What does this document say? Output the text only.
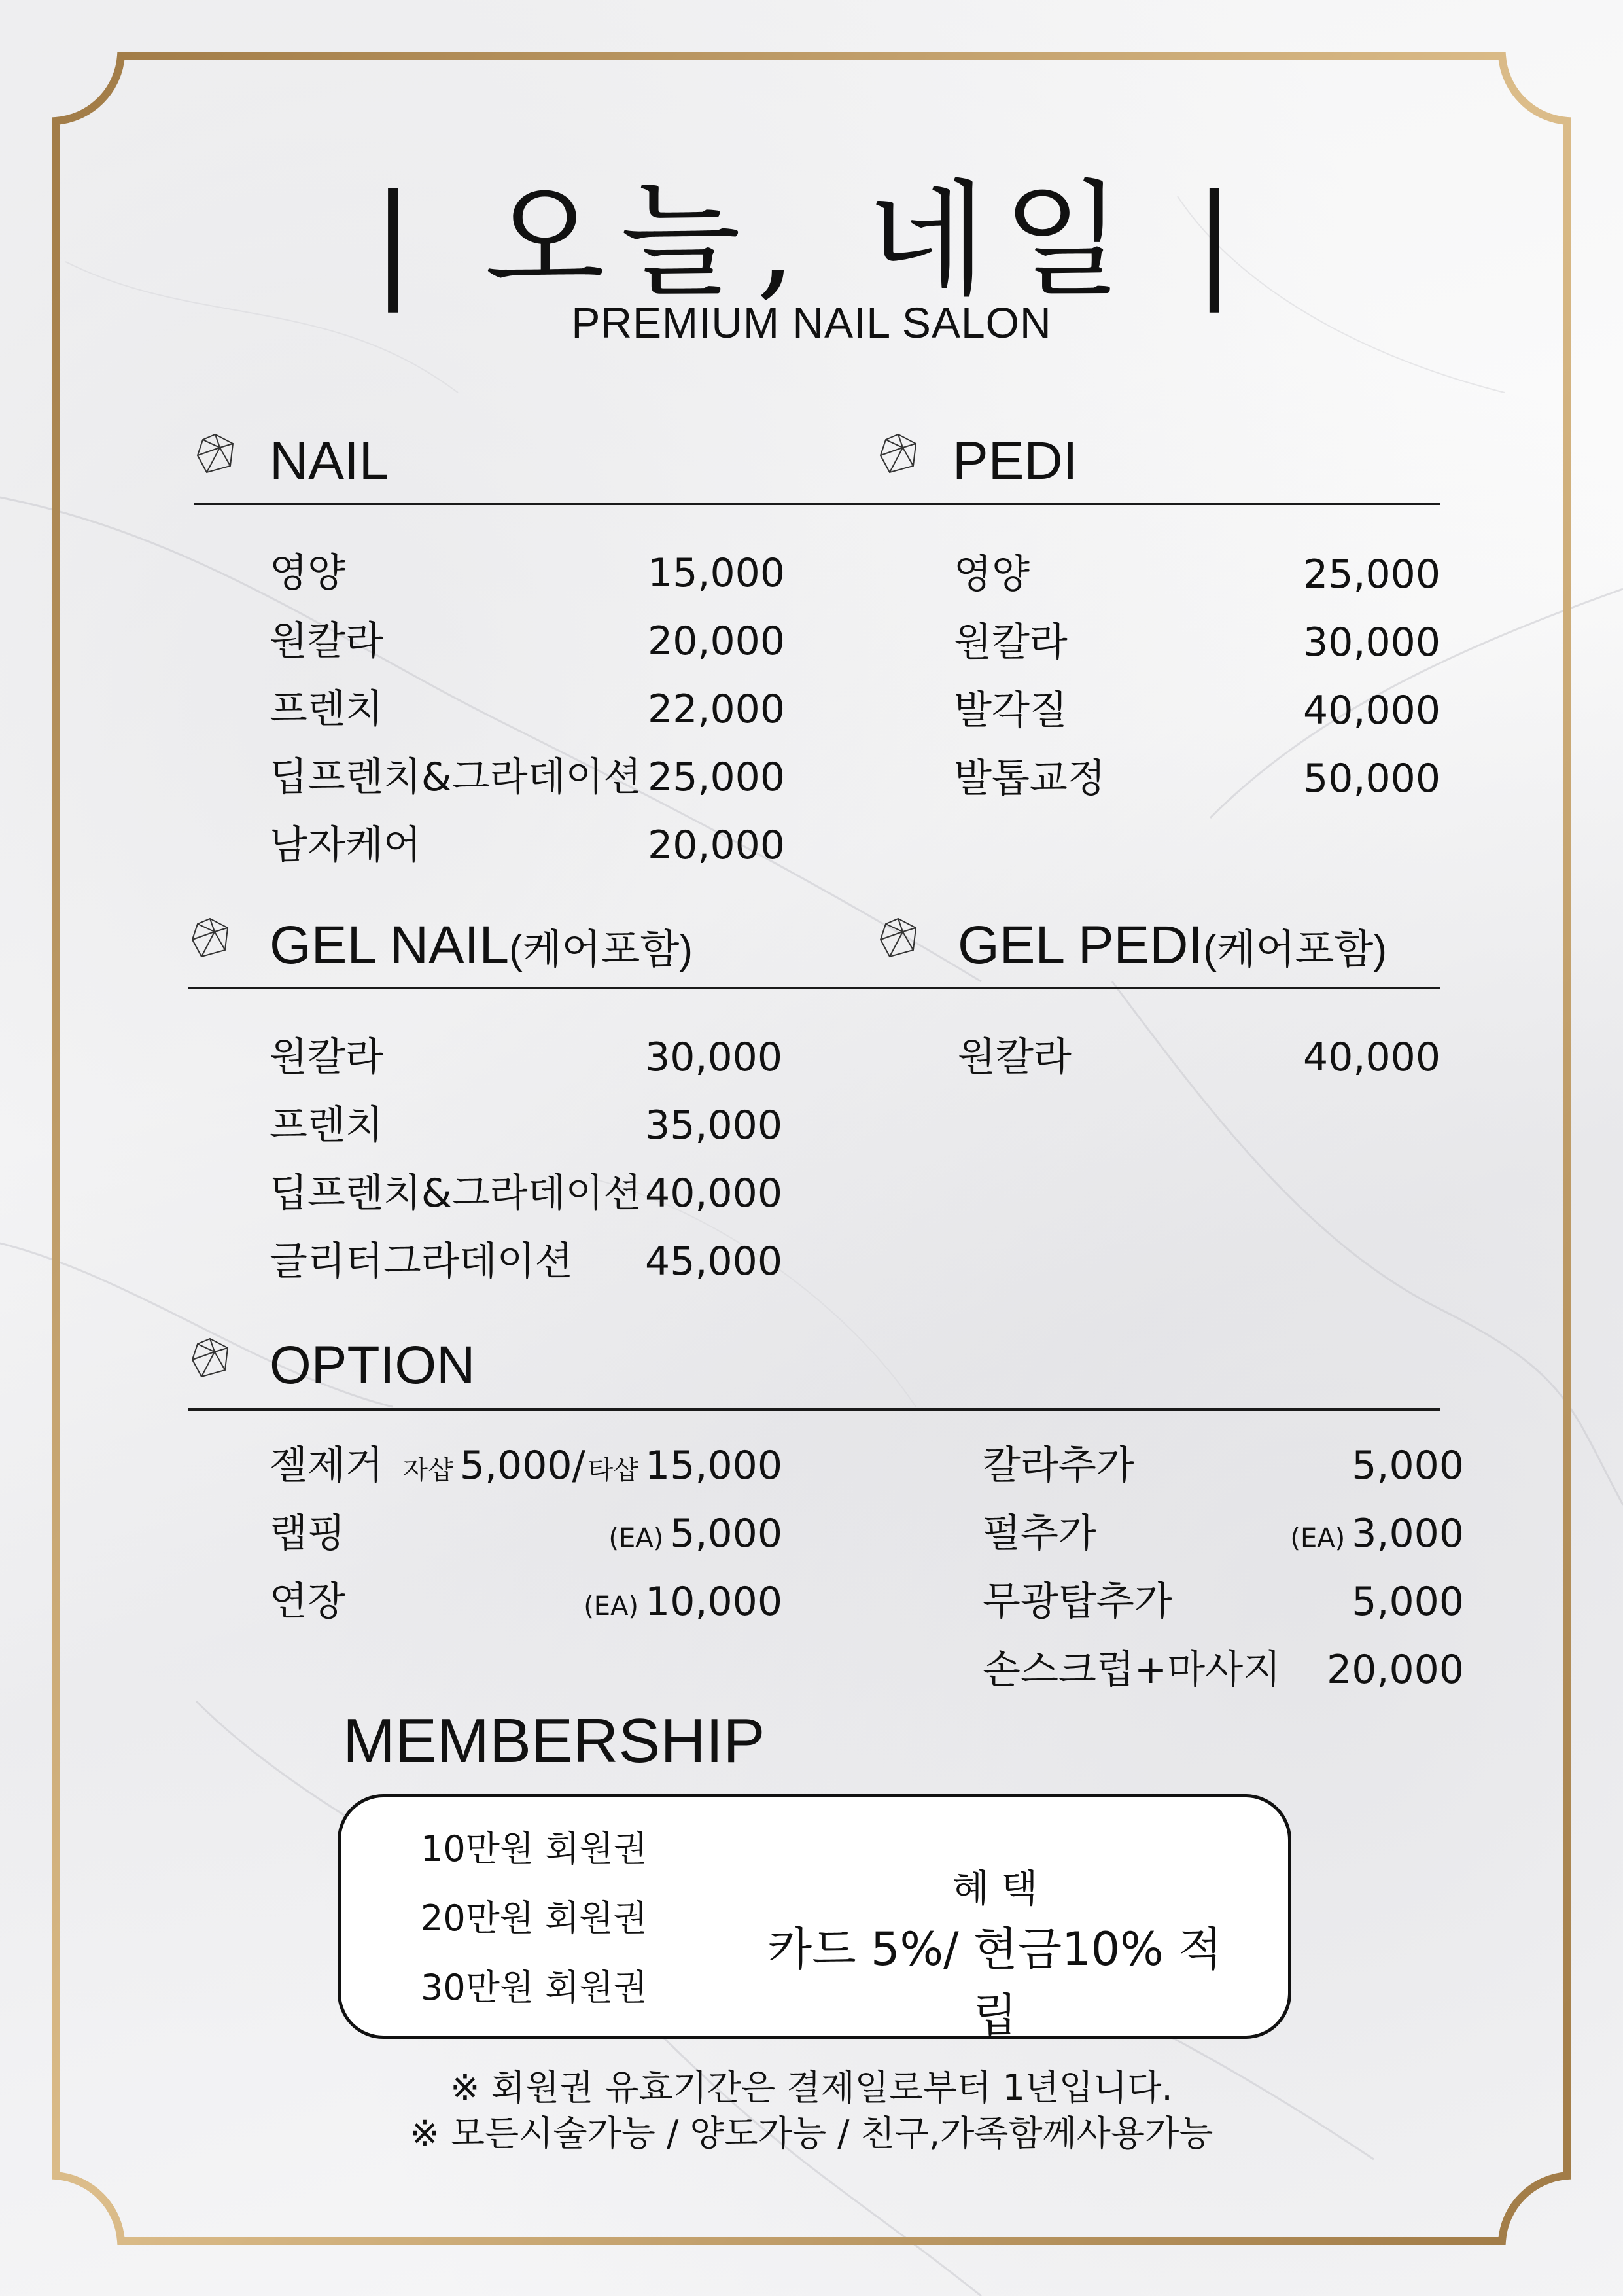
| 오늘, 네일 |
PREMIUM NAIL SALON
NAIL
영양	15,000
원칼라	20,000
프렌치	22,000
딥프렌치&그라데이션 25,000
남자케어	20,000
PEDI
영양	25,000
원칼라	30,000
발각질	40,000
발톱교정	50,000
GEL NAIL(케어포함)
원칼라	30,000
프렌치	35,000
딥프렌치&그라데이션 40,000
글리터그라데이션 45,000
GEL PEDI(케어포함)
원칼라	40,000
OPTION
젤제거 자샵 5,000/ 타샵 15,000
랩핑	(EA) 5,000
연장	(EA) 10,000
칼라추가	5,000
펄추가	(EA) 3,000
무광탑추가	5,000
손스크럽+마사지 20,000
MEMBERSHIP
10만원 회원권
20만원 회원권
30만원 회원권
혜 택
카드 5%/ 현금10% 적립
※ 회원권 유효기간은 결제일로부터 1년입니다.
※ 모든시술가능 / 양도가능 / 친구,가족함께사용가능
